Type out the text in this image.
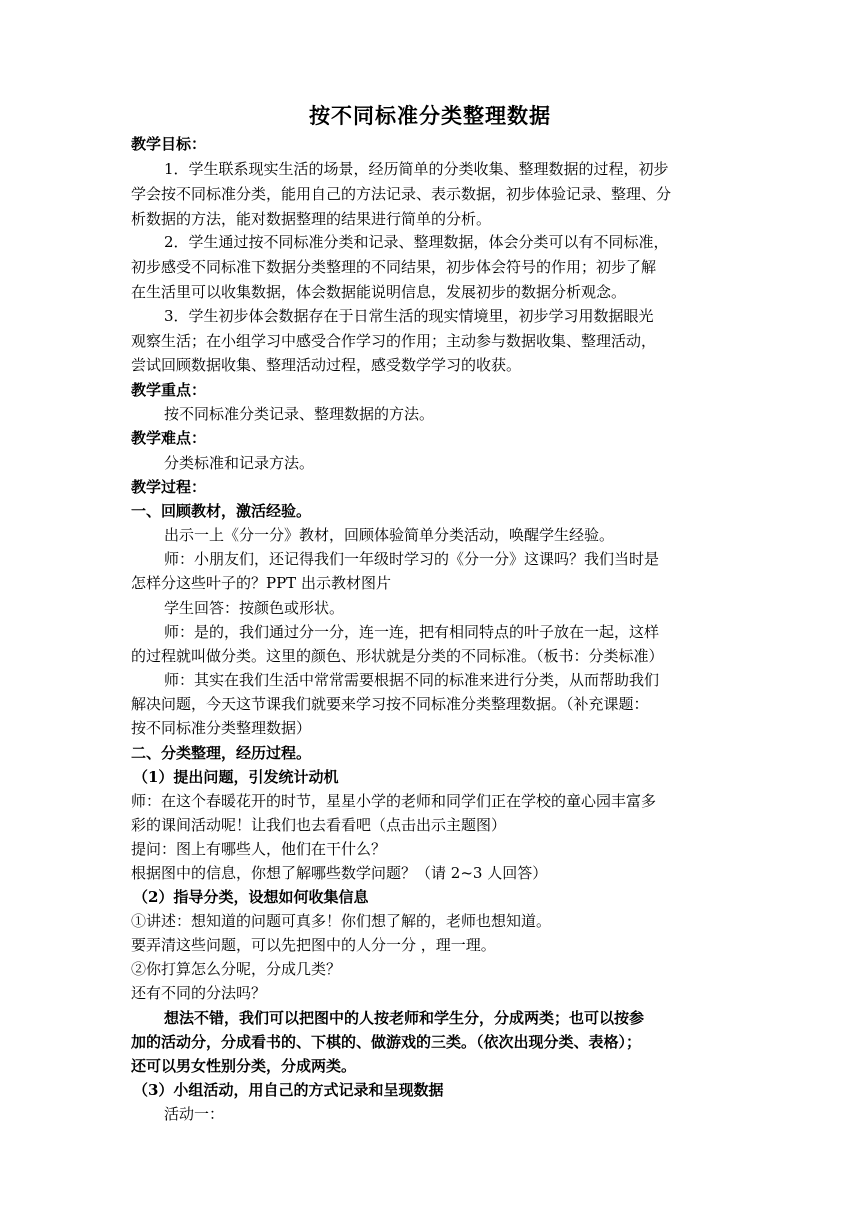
按不同标准分类整理数据
教学目标：
1．学生联系现实生活的场景，经历简单的分类收集、整理数据的过程，初步
学会按不同标准分类，能用自己的方法记录、表示数据，初步体验记录、整理、分
析数据的方法，能对数据整理的结果进行简单的分析。
2．学生通过按不同标准分类和记录、整理数据，体会分类可以有不同标准，
初步感受不同标准下数据分类整理的不同结果，初步体会符号的作用；初步了解
在生活里可以收集数据，体会数据能说明信息，发展初步的数据分析观念。
3．学生初步体会数据存在于日常生活的现实情境里，初步学习用数据眼光
观察生活；在小组学习中感受合作学习的作用；主动参与数据收集、整理活动，
尝试回顾数据收集、整理活动过程，感受数学学习的收获。
教学重点：
按不同标准分类记录、整理数据的方法。
教学难点：
分类标准和记录方法。
教学过程：
一、回顾教材，激活经验。
出示一上《分一分》教材，回顾体验简单分类活动，唤醒学生经验。
师：小朋友们，还记得我们一年级时学习的《分一分》这课吗？我们当时是
怎样分这些叶子的？PPT 出示教材图片
学生回答：按颜色或形状。
师：是的，我们通过分一分，连一连，把有相同特点的叶子放在一起，这样
的过程就叫做分类。这里的颜色、形状就是分类的不同标准。（板书：分类标准）
师：其实在我们生活中常常需要根据不同的标准来进行分类，从而帮助我们
解决问题，今天这节课我们就要来学习按不同标准分类整理数据。（补充课题：
按不同标准分类整理数据）
二、分类整理，经历过程。
（1）提出问题，引发统计动机
师：在这个春暖花开的时节，星星小学的老师和同学们正在学校的童心园丰富多
彩的课间活动呢！让我们也去看看吧（点击出示主题图）
提问：图上有哪些人，他们在干什么？
根据图中的信息，你想了解哪些数学问题？（请 2~3 人回答）
（2）指导分类，设想如何收集信息
①讲述：想知道的问题可真多！你们想了解的，老师也想知道。
要弄清这些问题，可以先把图中的人分一分 ，理一理。
②你打算怎么分呢，分成几类？
还有不同的分法吗？
想法不错，我们可以把图中的人按老师和学生分，分成两类；也可以按参
加的活动分，分成看书的、下棋的、做游戏的三类。（依次出现分类、表格）；
还可以男女性别分类，分成两类。
（3）小组活动，用自己的方式记录和呈现数据
活动一：
